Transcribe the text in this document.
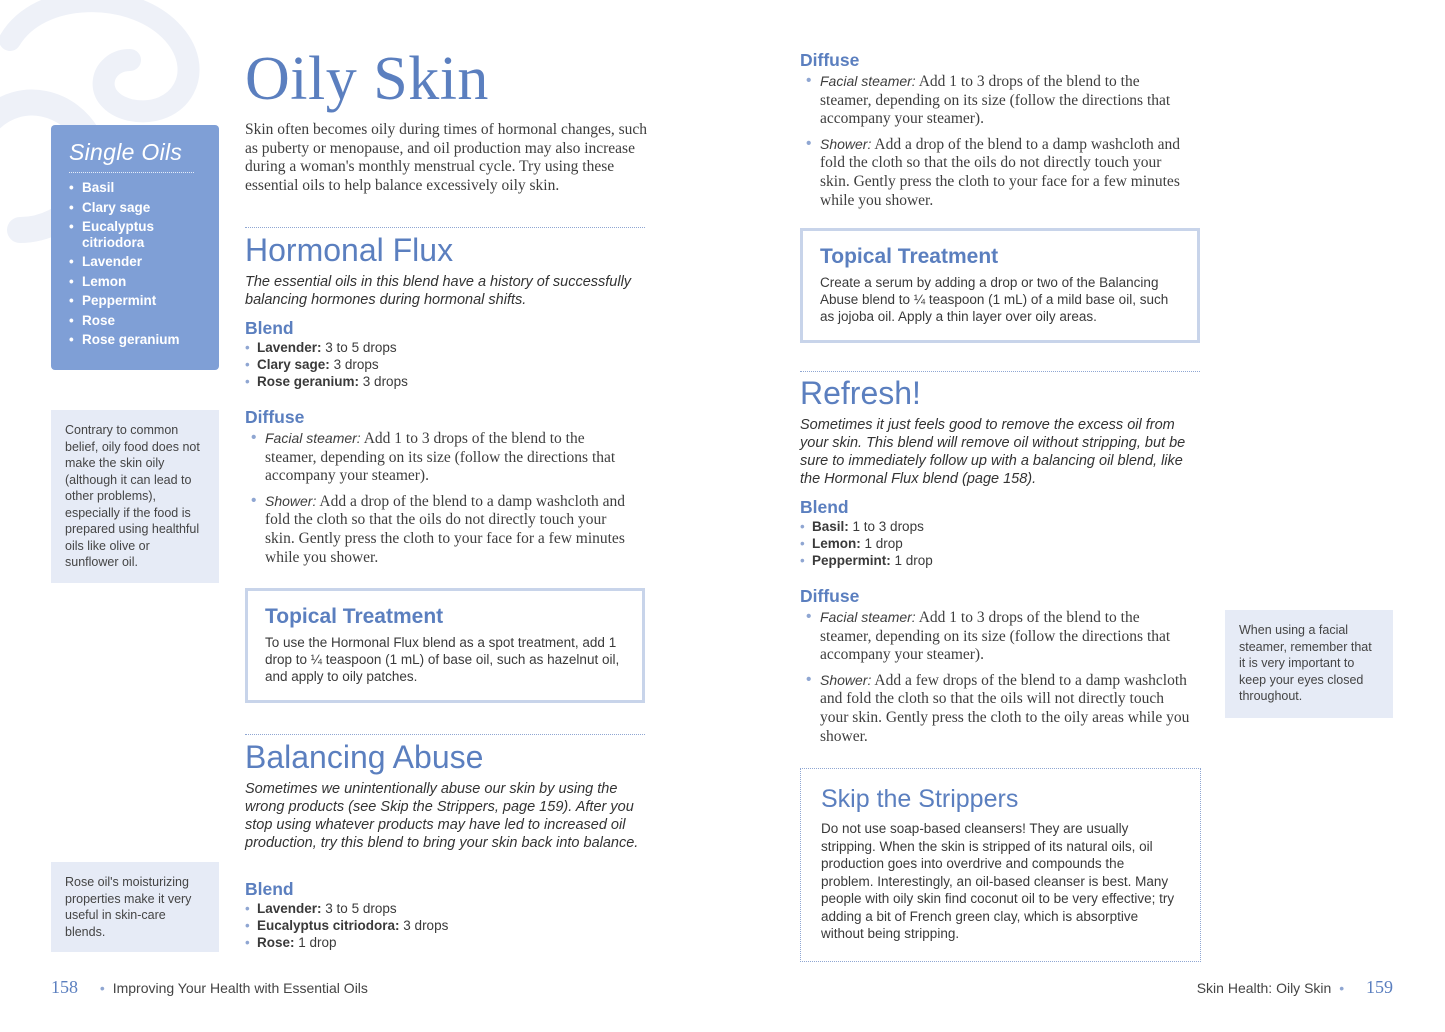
Oily Skin
Skin often becomes oily during times of hormonal changes, such as puberty or menopause, and oil production may also increase during a woman's monthly menstrual cycle. Try using these essential oils to help balance excessively oily skin.
Single Oils
• Basil
• Clary sage
• Eucalyptus
citriodora
• Lavender
• Lemon
• Peppermint
• Rose
• Rose geranium
Contrary to common belief, oily food does not make the skin oily (although it can lead to other problems), especially if the food is prepared using healthful oils like olive or sunflower oil.
Rose oil's moisturizing properties make it very useful in skin-care blends.
Hormonal Flux
The essential oils in this blend have a history of successfully balancing hormones during hormonal shifts.
Blend
• Lavender: 3 to 5 drops
• Clary sage: 3 drops
• Rose geranium: 3 drops
Diffuse
• Facial steamer: Add 1 to 3 drops of the blend to the steamer, depending on its size (follow the directions that accompany your steamer).
• Shower: Add a drop of the blend to a damp washcloth and fold the cloth so that the oils do not directly touch your skin. Gently press the cloth to your face for a few minutes while you shower.
Topical Treatment
To use the Hormonal Flux blend as a spot treatment, add 1 drop to ¼ teaspoon (1 mL) of base oil, such as hazelnut oil, and apply to oily patches.
Balancing Abuse
Sometimes we unintentionally abuse our skin by using the wrong products (see Skip the Strippers, page 159). After you stop using whatever products may have led to increased oil production, try this blend to bring your skin back into balance.
Blend
• Lavender: 3 to 5 drops
• Eucalyptus citriodora: 3 drops
• Rose: 1 drop
158 • Improving Your Health with Essential Oils
Diffuse
• Facial steamer: Add 1 to 3 drops of the blend to the steamer, depending on its size (follow the directions that accompany your steamer).
• Shower: Add a drop of the blend to a damp washcloth and fold the cloth so that the oils do not directly touch your skin. Gently press the cloth to your face for a few minutes while you shower.
Topical Treatment
Create a serum by adding a drop or two of the Balancing Abuse blend to ¼ teaspoon (1 mL) of a mild base oil, such as jojoba oil. Apply a thin layer over oily areas.
Refresh!
Sometimes it just feels good to remove the excess oil from your skin. This blend will remove oil without stripping, but be sure to immediately follow up with a balancing oil blend, like the Hormonal Flux blend (page 158).
Blend
• Basil: 1 to 3 drops
• Lemon: 1 drop
• Peppermint: 1 drop
Diffuse
• Facial steamer: Add 1 to 3 drops of the blend to the steamer, depending on its size (follow the directions that accompany your steamer).
• Shower: Add a few drops of the blend to a damp washcloth and fold the cloth so that the oils will not directly touch your skin. Gently press the cloth to the oily areas while you shower.
When using a facial steamer, remember that it is very important to keep your eyes closed throughout.
Skip the Strippers
Do not use soap-based cleansers! They are usually stripping. When the skin is stripped of its natural oils, oil production goes into overdrive and compounds the problem. Interestingly, an oil-based cleanser is best. Many people with oily skin find coconut oil to be very effective; try adding a bit of French green clay, which is absorptive without being stripping.
Skin Health: Oily Skin • 159
